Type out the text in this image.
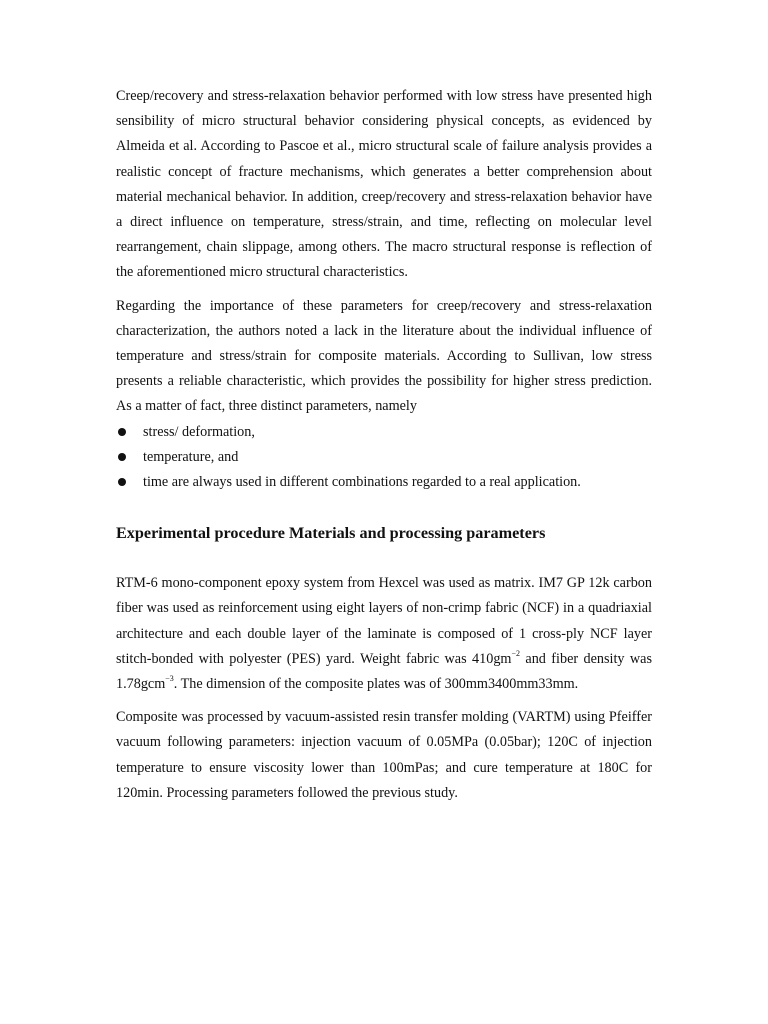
Creep/recovery and stress-relaxation behavior performed with low stress have presented high sensibility of micro structural behavior considering physical concepts, as evidenced by Almeida et al. According to Pascoe et al., micro structural scale of failure analysis provides a realistic concept of fracture mechanisms, which generates a better comprehension about material mechanical behavior. In addition, creep/recovery and stress-relaxation behavior have a direct influence on temperature, stress/strain, and time, reflecting on molecular level rearrangement, chain slippage, among others. The macro structural response is reflection of the aforementioned micro structural characteristics.

Regarding the importance of these parameters for creep/recovery and stress-relaxation characterization, the authors noted a lack in the literature about the individual influence of temperature and stress/strain for composite materials. According to Sullivan, low stress presents a reliable characteristic, which provides the possibility for higher stress prediction. As a matter of fact, three distinct parameters, namely

stress/ deformation,
temperature, and
time are always used in different combinations regarded to a real application.
Experimental procedure Materials and processing parameters

RTM-6 mono-component epoxy system from Hexcel was used as matrix. IM7 GP 12k carbon fiber was used as reinforcement using eight layers of non-crimp fabric (NCF) in a quadriaxial architecture and each double layer of the laminate is composed of 1 cross-ply NCF layer stitch-bonded with polyester (PES) yard. Weight fabric was $410gm^{-2}$ and fiber density was 1.78gcm$^{-3}$. The dimension of the composite plates was of 300mm3400mm33mm.

Composite was processed by vacuum-assisted resin transfer molding (VARTM) using Pfeiffer vacuum following parameters: injection vacuum of 0.05MPa (0.05bar); 120C of injection temperature to ensure viscosity lower than 100mPas; and cure temperature at 180C for 120min. Processing parameters followed the previous study.
